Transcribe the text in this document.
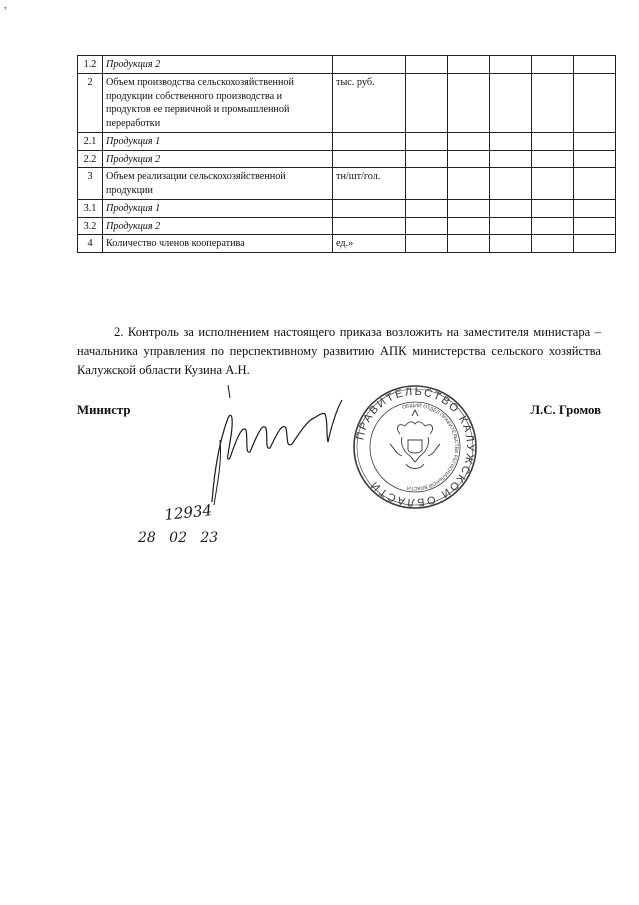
,
1.2	Продукция 2						
2	Объем производства сельскохозяйственной продукции собственного производства и продуктов ее первичной и промышленной переработки	тыс. руб.					
2.1	Продукция 1						
2.2	Продукция 2						
3	Объем реализации сельскохозяйственной продукции	тн/шт/гол.					
3.1	Продукция 1						
3.2	Продукция 2						
4	Количество членов кооператива	ед.»					

2. Контроль за исполнением настоящего приказа возложить на заместителя министара – начальника управления по перспективному развитию АПК министерства сельского хозяйства Калужской области Кузина А.Н.

Министр	Л.С. Громов
ПРАВИТЕЛЬСТВО КАЛУЖСКОЙ ОБЛАСТИ
ОБЩИЙ ОТДЕЛ ПРАВИТЕЛЬСТВА РЕГИОНАЛЬНОЙ ВЛАСТИ
12934
28   02   23
